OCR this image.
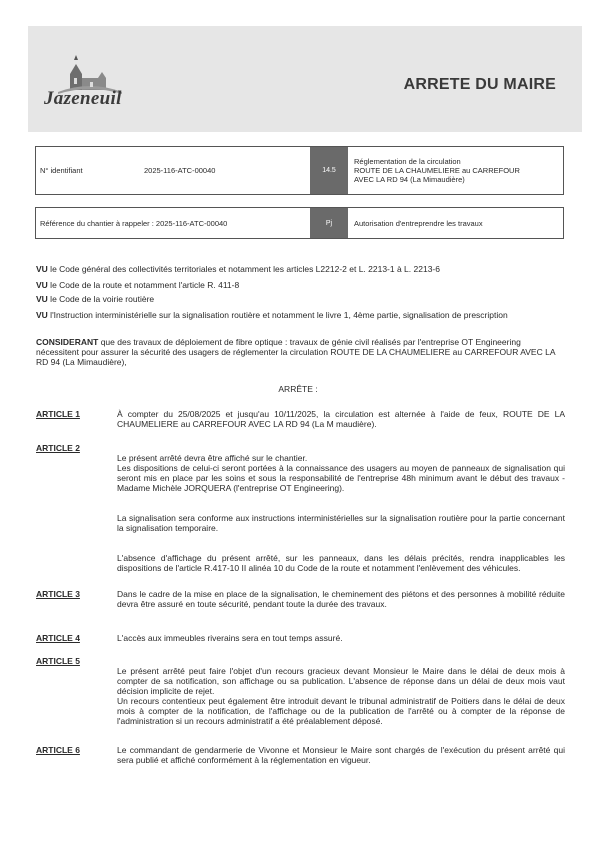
Jazeneuil
ARRETE DU MAIRE
N° identifiant	2025-116-ATC-00040	14.5
Réglementation de la circulation
ROUTE DE LA CHAUMELIERE au CARREFOUR
AVEC LA RD 94 (La Mimaudière)
Référence du chantier à rappeler : 2025-116-ATC-00040	Pj	Autorisation d'entreprendre les travaux
VU le Code général des collectivités territoriales et notamment les articles L2212-2 et L. 2213-1 à L. 2213-6
VU le Code de la route et notamment l'article R. 411-8
VU le Code de la voirie routière
VU l'Instruction interministérielle sur la signalisation routière et notamment le livre 1, 4ème partie, signalisation de prescription
CONSIDERANT que des travaux de déploiement de fibre optique : travaux de génie civil réalisés par l'entreprise OT Engineering nécessitent pour assurer la sécurité des usagers de réglementer la circulation ROUTE DE LA CHAUMELIERE au CARREFOUR AVEC LA RD 94 (La Mimaudière),
ARRÊTE :
ARTICLE 1	À compter du 25/08/2025 et jusqu'au 10/11/2025, la circulation est alternée à l'aide de feux, ROUTE DE LA CHAUMELIERE au CARREFOUR AVEC LA RD 94 (La M maudière).

ARTICLE 2

Le présent arrêté devra être affiché sur le chantier.
Les dispositions de celui-ci seront portées à la connaissance des usagers au moyen de panneaux de signalisation qui seront mis en place par les soins et sous la responsabilité de l'entreprise 48h minimum avant le début des travaux - Madame Michèle JORQUERA (l'entreprise OT Engineering).

La signalisation sera conforme aux instructions interministérielles sur la signalisation routière pour la partie concernant la signalisation temporaire.

L'absence d'affichage du présent arrêté, sur les panneaux, dans les délais précités, rendra inapplicables les dispositions de l'article R.417-10 II alinéa 10 du Code de la route et notamment l'enlèvement des véhicules.

ARTICLE 3	Dans le cadre de la mise en place de la signalisation, le cheminement des piétons et des personnes à mobilité réduite devra être assuré en toute sécurité, pendant toute la durée des travaux.

ARTICLE 4	L'accès aux immeubles riverains sera en tout temps assuré.

ARTICLE 5

Le présent arrêté peut faire l'objet d'un recours gracieux devant Monsieur le Maire dans le délai de deux mois à compter de sa notification, son affichage ou sa publication. L'absence de réponse dans un délai de deux mois vaut décision implicite de rejet.
Un recours contentieux peut également être introduit devant le tribunal administratif de Poitiers dans le délai de deux mois à compter de la notification, de l'affichage ou de la publication de l'arrêté ou à compter de la réponse de l'administration si un recours administratif a été préalablement déposé.

ARTICLE 6	Le commandant de gendarmerie de Vivonne et Monsieur le Maire sont chargés de l'exécution du présent arrêté qui sera publié et affiché conformément à la réglementation en vigueur.
